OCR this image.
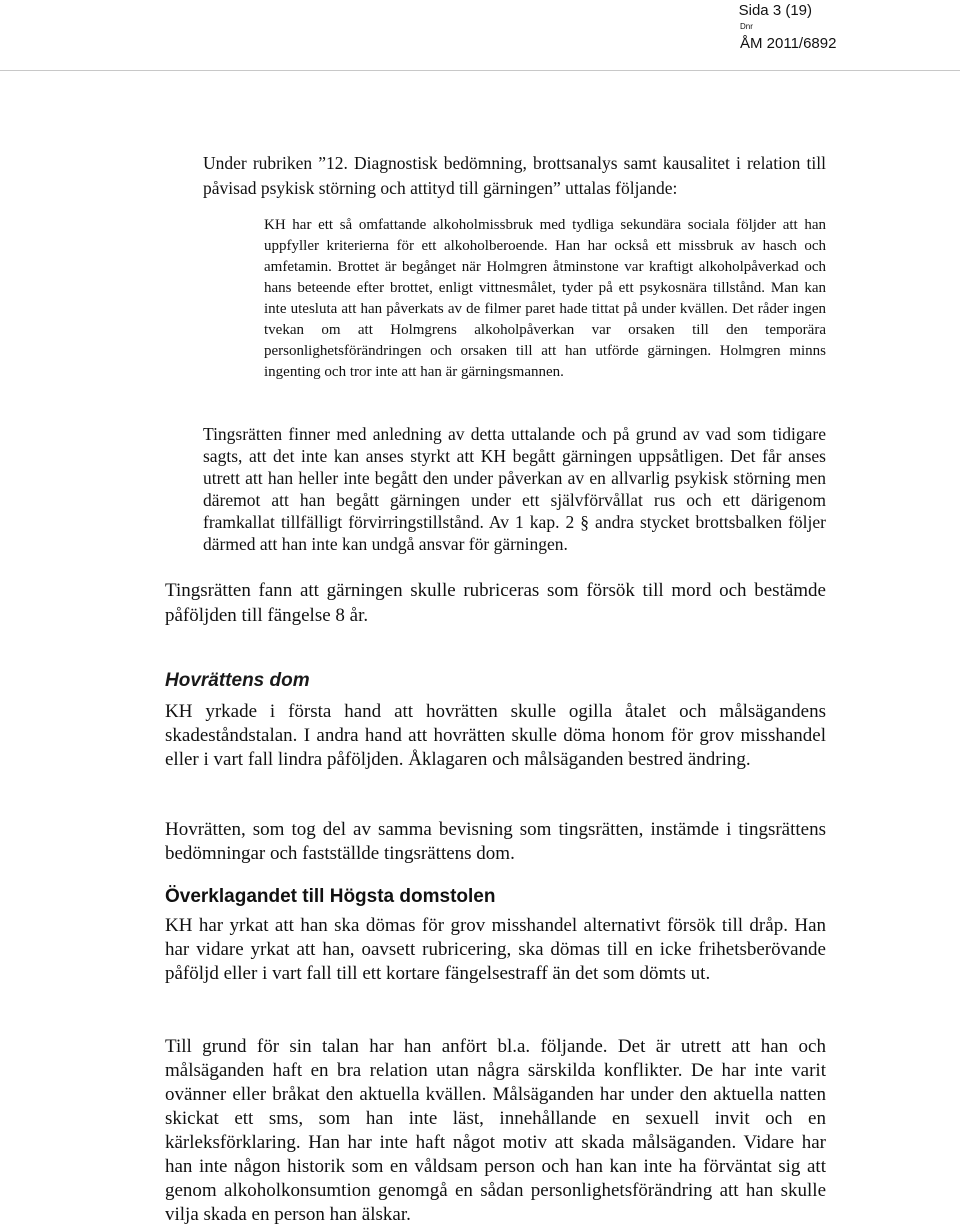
Sida 3 (19)
Dnr
ÅM 2011/6892

Under rubriken ”12. Diagnostisk bedömning, brottsanalys samt kausalitet i relation till påvisad psykisk störning och attityd till gärningen” uttalas följande:

KH har ett så omfattande alkoholmissbruk med tydliga sekundära sociala följder att han uppfyller kriterierna för ett alkoholberoende. Han har också ett missbruk av hasch och amfetamin. Brottet är begånget när Holmgren åtminstone var kraftigt alkoholpåverkad och hans beteende efter brottet, enligt vittnesmålet, tyder på ett psykosnära tillstånd. Man kan inte utesluta att han påverkats av de filmer paret hade tittat på under kvällen. Det råder ingen tvekan om att Holmgrens alkoholpåverkan var orsaken till den temporära personlighetsförändringen och orsaken till att han utförde gärningen. Holmgren minns ingenting och tror inte att han är gärningsmannen.

Tingsrätten finner med anledning av detta uttalande och på grund av vad som tidigare sagts, att det inte kan anses styrkt att KH begått gärningen uppsåtligen. Det får anses utrett att han heller inte begått den under påverkan av en allvarlig psykisk störning men däremot att han begått gärningen under ett självförvållat rus och ett därigenom framkallat tillfälligt förvirringstillstånd. Av 1 kap. 2 § andra stycket brottsbalken följer därmed att han inte kan undgå ansvar för gärningen.

Tingsrätten fann att gärningen skulle rubriceras som försök till mord och bestämde påföljden till fängelse 8 år.

Hovrättens dom

KH yrkade i första hand att hovrätten skulle ogilla åtalet och målsägandens skadeståndstalan. I andra hand att hovrätten skulle döma honom för grov misshandel eller i vart fall lindra påföljden. Åklagaren och målsäganden bestred ändring.

Hovrätten, som tog del av samma bevisning som tingsrätten, instämde i tingsrättens bedömningar och fastställde tingsrättens dom.

Överklagandet till Högsta domstolen

KH har yrkat att han ska dömas för grov misshandel alternativt försök till dråp. Han har vidare yrkat att han, oavsett rubricering, ska dömas till en icke frihetsberövande påföljd eller i vart fall till ett kortare fängelsestraff än det som dömts ut.

Till grund för sin talan har han anfört bl.a. följande. Det är utrett att han och målsäganden haft en bra relation utan några särskilda konflikter. De har inte varit ovänner eller bråkat den aktuella kvällen. Målsäganden har under den aktuella natten skickat ett sms, som han inte läst, innehållande en sexuell invit och en kärleksförklaring. Han har inte haft något motiv att skada målsäganden. Vidare har han inte någon historik som en våldsam person och han kan inte ha förväntat sig att genom alkoholkonsumtion genomgå en sådan personlighetsförändring att han skulle vilja skada en person han älskar.
